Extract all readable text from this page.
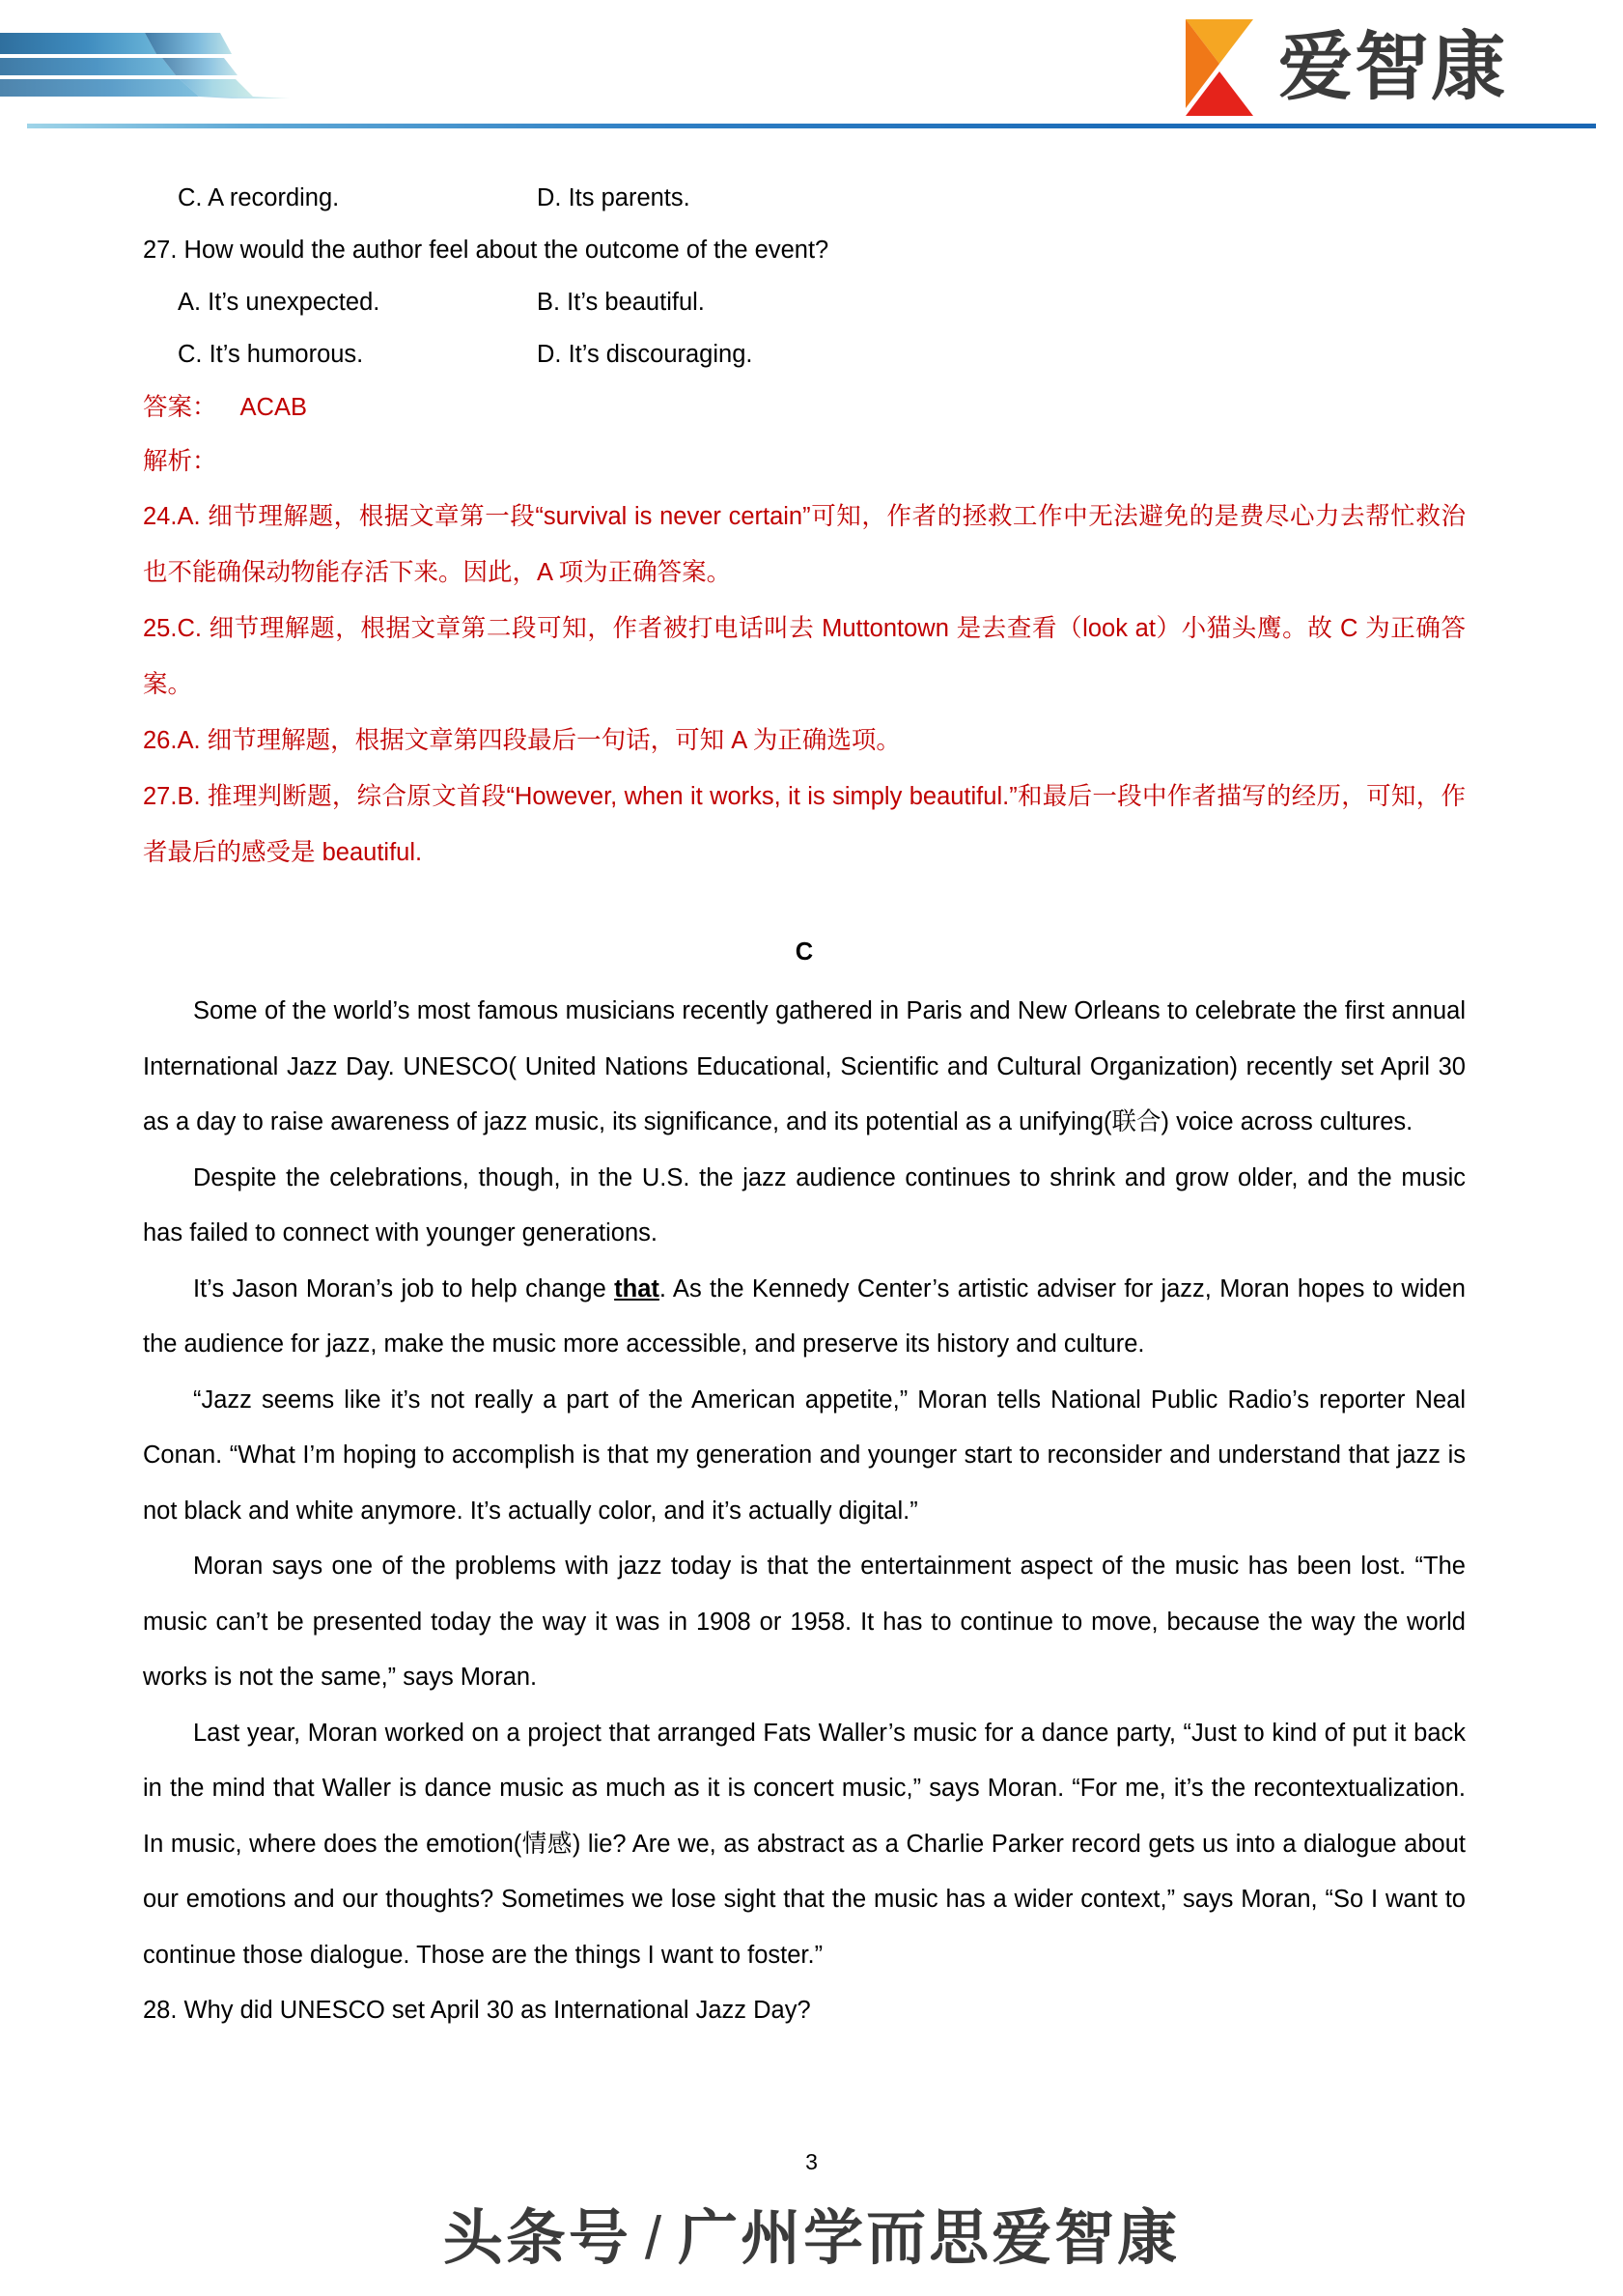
爱智康
C. A recording.	D. Its parents.
27. How would the author feel about the outcome of the event?
A. It’s unexpected.	B. It’s beautiful.
C. It’s humorous.	D. It’s discouraging.
答案： ACAB
解析：
24.A. 细节理解题，根据文章第一段“survival is never certain”可知，作者的拯救工作中无法避免的是费尽心力去帮忙救治也不能确保动物能存活下来。因此，A 项为正确答案。
25.C. 细节理解题，根据文章第二段可知，作者被打电话叫去 Muttontown 是去查看（look at）小猫头鹰。故 C 为正确答案。
26.A. 细节理解题，根据文章第四段最后一句话，可知 A 为正确选项。
27.B. 推理判断题，综合原文首段“However, when it works, it is simply beautiful.”和最后一段中作者描写的经历，可知，作者最后的感受是 beautiful.
C

Some of the world’s most famous musicians recently gathered in Paris and New Orleans to celebrate the first annual International Jazz Day. UNESCO( United Nations Educational, Scientific and Cultural Organization) recently set April 30 as a day to raise awareness of jazz music, its significance, and its potential as a unifying(联合) voice across cultures.

Despite the celebrations, though, in the U.S. the jazz audience continues to shrink and grow older, and the music has failed to connect with younger generations.

It’s Jason Moran’s job to help change that. As the Kennedy Center’s artistic adviser for jazz, Moran hopes to widen the audience for jazz, make the music more accessible, and preserve its history and culture.

“Jazz seems like it’s not really a part of the American appetite,” Moran tells National Public Radio’s reporter Neal Conan. “What I’m hoping to accomplish is that my generation and younger start to reconsider and understand that jazz is not black and white anymore. It’s actually color, and it’s actually digital.”

Moran says one of the problems with jazz today is that the entertainment aspect of the music has been lost. “The music can’t be presented today the way it was in 1908 or 1958. It has to continue to move, because the way the world works is not the same,” says Moran.

Last year, Moran worked on a project that arranged Fats Waller’s music for a dance party, “Just to kind of put it back in the mind that Waller is dance music as much as it is concert music,” says Moran. “For me, it’s the recontextualization. In music, where does the emotion(情感) lie? Are we, as abstract as a Charlie Parker record gets us into a dialogue about our emotions and our thoughts? Sometimes we lose sight that the music has a wider context,” says Moran, “So I want to continue those dialogue. Those are the things I want to foster.”

28. Why did UNESCO set April 30 as International Jazz Day?

3
头条号 / 广州学而思爱智康
